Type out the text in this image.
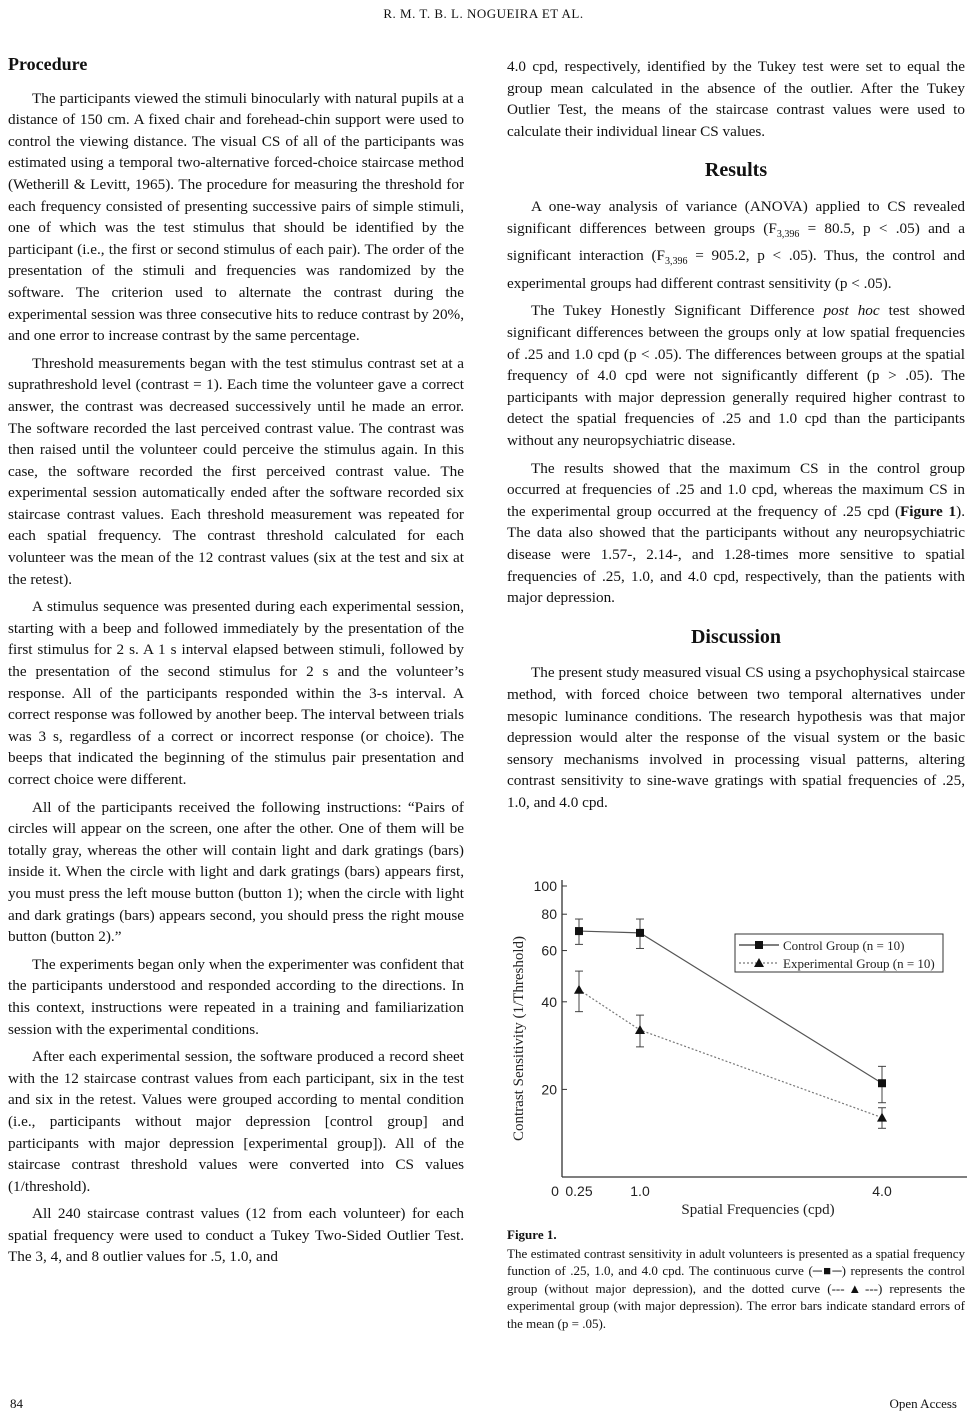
R. M. T. B. L. NOGUEIRA ET AL.
Procedure

The participants viewed the stimuli binocularly with natural pupils at a distance of 150 cm. A fixed chair and forehead-chin support were used to control the viewing distance. The visual CS of all of the participants was estimated using a temporal two-alternative forced-choice staircase method (Wetherill & Levitt, 1965). The procedure for measuring the threshold for each frequency consisted of presenting successive pairs of simple stimuli, one of which was the test stimulus that should be identified by the participant (i.e., the first or second stimulus of each pair). The order of the presentation of the stimuli and frequencies was randomized by the software. The criterion used to alternate the contrast during the experimental session was three consecutive hits to reduce contrast by 20%, and one error to increase contrast by the same percentage.

Threshold measurements began with the test stimulus contrast set at a suprathreshold level (contrast = 1). Each time the volunteer gave a correct answer, the contrast was decreased successively until he made an error. The software recorded the last perceived contrast value. The contrast was then raised until the volunteer could perceive the stimulus again. In this case, the software recorded the first perceived contrast value. The experimental session automatically ended after the software recorded six staircase contrast values. Each threshold measurement was repeated for each spatial frequency. The contrast threshold calculated for each volunteer was the mean of the 12 contrast values (six at the test and six at the retest).

A stimulus sequence was presented during each experimental session, starting with a beep and followed immediately by the presentation of the first stimulus for 2 s. A 1 s interval elapsed between stimuli, followed by the presentation of the second stimulus for 2 s and the volunteer’s response. All of the participants responded within the 3-s interval. A correct response was followed by another beep. The interval between trials was 3 s, regardless of a correct or incorrect response (or choice). The beeps that indicated the beginning of the stimulus pair presentation and correct choice were different.

All of the participants received the following instructions: “Pairs of circles will appear on the screen, one after the other. One of them will be totally gray, whereas the other will contain light and dark gratings (bars) inside it. When the circle with light and dark gratings (bars) appears first, you must press the left mouse button (button 1); when the circle with light and dark gratings (bars) appears second, you should press the right mouse button (button 2).”

The experiments began only when the experimenter was confident that the participants understood and responded according to the directions. In this context, instructions were repeated in a training and familiarization session with the experimental conditions.

After each experimental session, the software produced a record sheet with the 12 staircase contrast values from each participant, six in the test and six in the retest. Values were grouped according to mental condition (i.e., participants without major depression [control group] and participants with major depression [experimental group]). All of the staircase contrast threshold values were converted into CS values (1/threshold).

All 240 staircase contrast values (12 from each volunteer) for each spatial frequency were used to conduct a Tukey Two-Sided Outlier Test. The 3, 4, and 8 outlier values for .5, 1.0, and

4.0 cpd, respectively, identified by the Tukey test were set to equal the group mean calculated in the absence of the outlier. After the Tukey Outlier Test, the means of the staircase contrast values were used to calculate their individual linear CS values.

Results

A one-way analysis of variance (ANOVA) applied to CS revealed significant differences between groups ($F_{3,396} = 80.5$, p < .05) and a significant interaction ($F_{3,396} = 905.2$, p < .05). Thus, the control and experimental groups had different contrast sensitivity (p < .05).

The Tukey Honestly Significant Difference post hoc test showed significant differences between the groups only at low spatial frequencies of .25 and 1.0 cpd (p < .05). The differences between groups at the spatial frequency of 4.0 cpd were not significantly different (p > .05). The participants with major depression generally required higher contrast to detect the spatial frequencies of .25 and 1.0 cpd than the participants without any neuropsychiatric disease.

The results showed that the maximum CS in the control group occurred at frequencies of .25 and 1.0 cpd, whereas the maximum CS in the experimental group occurred at the frequency of .25 cpd (Figure 1). The data also showed that the participants without any neuropsychiatric disease were 1.57-, 2.14-, and 1.28-times more sensitive to spatial frequencies of .25, 1.0, and 4.0 cpd, respectively, than the patients with major depression.

Discussion

The present study measured visual CS using a psychophysical staircase method, with forced choice between two temporal alternatives under mesopic luminance conditions. The research hypothesis was that major depression would alter the response of the visual system or the basic sensory mechanisms involved in processing visual patterns, altering contrast sensitivity to sine-wave gratings with spatial frequencies of .25, 1.0, and 4.0 cpd.

20
40
60
80
100
0 0.25	1.0	4.0
Spatial Frequencies (cpd)
Contrast Sensitivity (1/Threshold)	Control Group (n = 10)
Experimental Group (n = 10)
Figure 1.
The estimated contrast sensitivity in adult volunteers is presented as a spatial frequency function of .25, 1.0, and 4.0 cpd. The continuous curve (─■─) represents the control group (without major depression), and the dotted curve (---▲---) represents the experimental group (with major depression). The error bars indicate standard errors of the mean (p = .05).
84	Open Access
